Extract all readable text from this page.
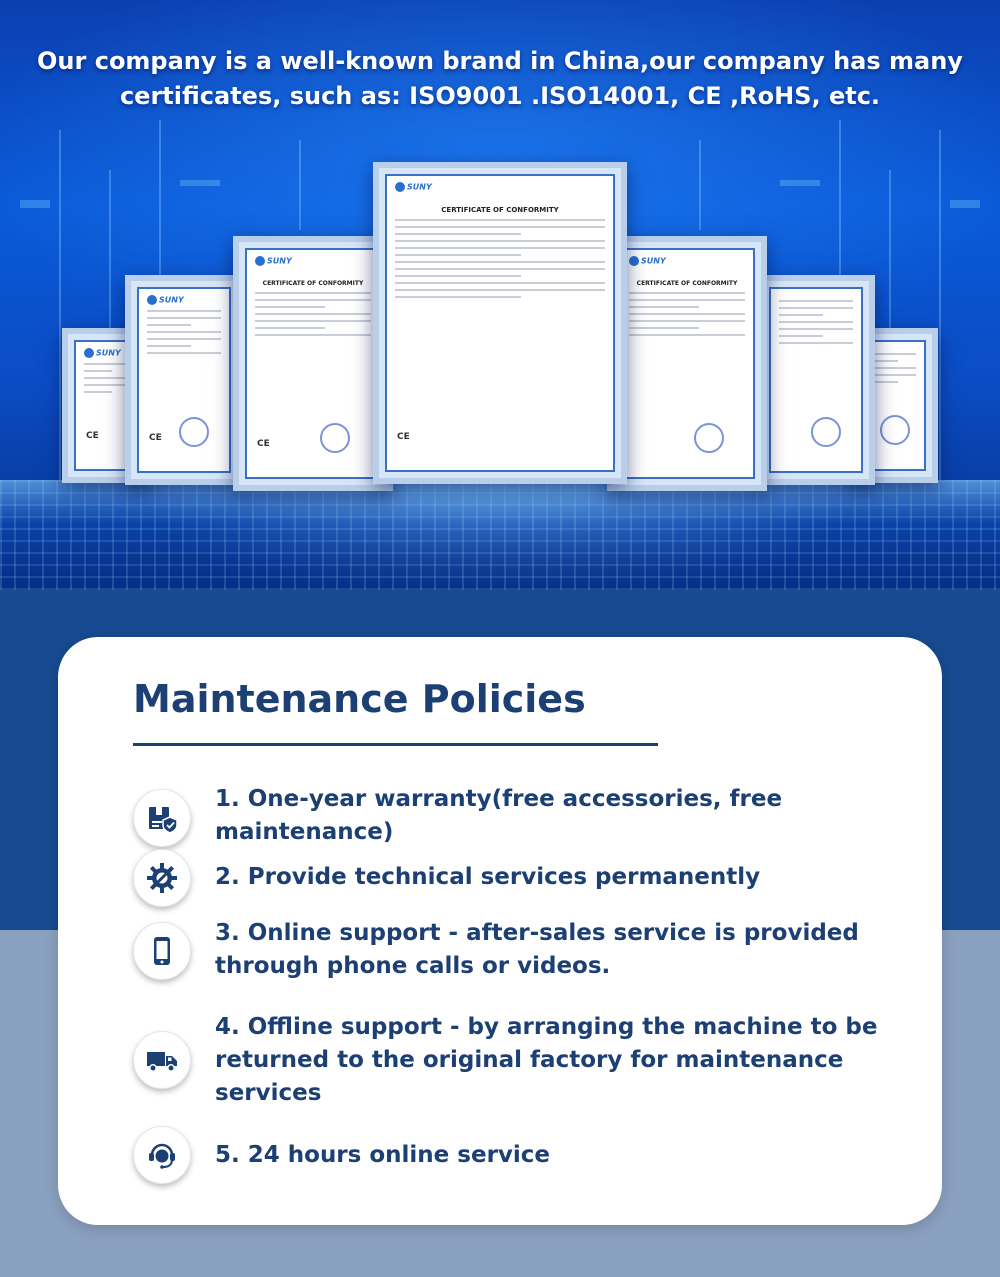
Our company is a well-known brand in China,our company has many certificates, such as: ISO9001 .ISO14001, CE ,RoHS, etc.
SUNY
CE
SUNY
CE
SUNY
CERTIFICATE OF CONFORMITY
CE
SUNY
CERTIFICATE OF CONFORMITY
SUNY
CERTIFICATE OF CONFORMITY
CE
Maintenance Policies
1. One-year warranty(free accessories, free maintenance)
2. Provide technical services permanently
3. Online support - after-sales service is provided through phone calls or videos.
4. Offline support - by arranging the machine to be returned to the original factory for maintenance services
5. 24 hours online service
